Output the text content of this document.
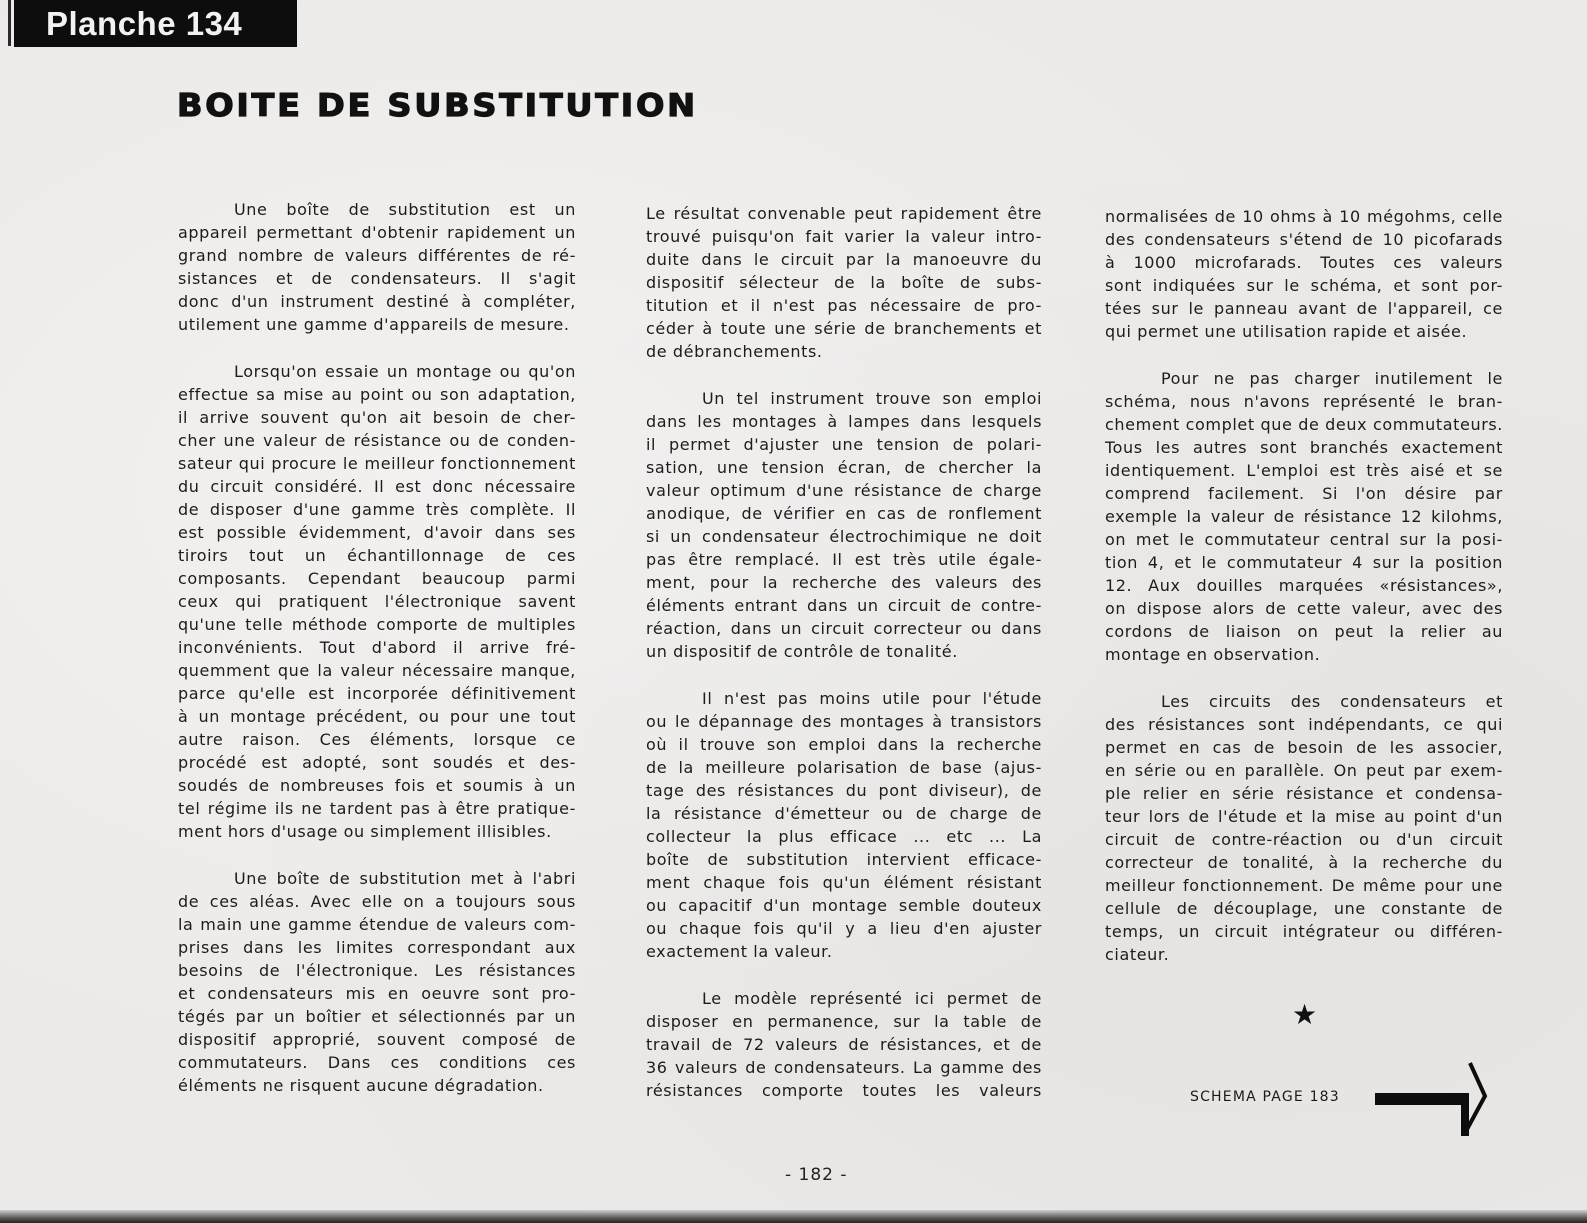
Planche 134
BOITE DE SUBSTITUTION
Une boîte de substitution est un
appareil permettant d'obtenir rapidement un
grand nombre de valeurs différentes de ré-
sistances et de condensateurs. Il s'agit
donc d'un instrument destiné à compléter,
utilement une gamme d'appareils de mesure.
Lorsqu'on essaie un montage ou qu'on
effectue sa mise au point ou son adaptation,
il arrive souvent qu'on ait besoin de cher-
cher une valeur de résistance ou de conden-
sateur qui procure le meilleur fonctionnement
du circuit considéré. Il est donc nécessaire
de disposer d'une gamme très complète. Il
est possible évidemment, d'avoir dans ses
tiroirs tout un échantillonnage de ces
composants. Cependant beaucoup parmi
ceux qui pratiquent l'électronique savent
qu'une telle méthode comporte de multiples
inconvénients. Tout d'abord il arrive fré-
quemment que la valeur nécessaire manque,
parce qu'elle est incorporée définitivement
à un montage précédent, ou pour une tout
autre raison. Ces éléments, lorsque ce
procédé est adopté, sont soudés et des-
soudés de nombreuses fois et soumis à un
tel régime ils ne tardent pas à être pratique-
ment hors d'usage ou simplement illisibles.
Une boîte de substitution met à l'abri
de ces aléas. Avec elle on a toujours sous
la main une gamme étendue de valeurs com-
prises dans les limites correspondant aux
besoins de l'électronique. Les résistances
et condensateurs mis en oeuvre sont pro-
tégés par un boîtier et sélectionnés par un
dispositif approprié, souvent composé de
commutateurs. Dans ces conditions ces
éléments ne risquent aucune dégradation.
Le résultat convenable peut rapidement être
trouvé puisqu'on fait varier la valeur intro-
duite dans le circuit par la manoeuvre du
dispositif sélecteur de la boîte de subs-
titution et il n'est pas nécessaire de pro-
céder à toute une série de branchements et
de débranchements.
Un tel instrument trouve son emploi
dans les montages à lampes dans lesquels
il permet d'ajuster une tension de polari-
sation, une tension écran, de chercher la
valeur optimum d'une résistance de charge
anodique, de vérifier en cas de ronflement
si un condensateur électrochimique ne doit
pas être remplacé. Il est très utile égale-
ment, pour la recherche des valeurs des
éléments entrant dans un circuit de contre-
réaction, dans un circuit correcteur ou dans
un dispositif de contrôle de tonalité.
Il n'est pas moins utile pour l'étude
ou le dépannage des montages à transistors
où il trouve son emploi dans la recherche
de la meilleure polarisation de base (ajus-
tage des résistances du pont diviseur), de
la résistance d'émetteur ou de charge de
collecteur la plus efficace ... etc ... La
boîte de substitution intervient efficace-
ment chaque fois qu'un élément résistant
ou capacitif d'un montage semble douteux
ou chaque fois qu'il y a lieu d'en ajuster
exactement la valeur.
Le modèle représenté ici permet de
disposer en permanence, sur la table de
travail de 72 valeurs de résistances, et de
36 valeurs de condensateurs. La gamme des
résistances comporte toutes les valeurs
normalisées de 10 ohms à 10 mégohms, celle
des condensateurs s'étend de 10 picofarads
à 1000 microfarads. Toutes ces valeurs
sont indiquées sur le schéma, et sont por-
tées sur le panneau avant de l'appareil, ce
qui permet une utilisation rapide et aisée.
Pour ne pas charger inutilement le
schéma, nous n'avons représenté le bran-
chement complet que de deux commutateurs.
Tous les autres sont branchés exactement
identiquement. L'emploi est très aisé et se
comprend facilement. Si l'on désire par
exemple la valeur de résistance 12 kilohms,
on met le commutateur central sur la posi-
tion 4, et le commutateur 4 sur la position
12. Aux douilles marquées «résistances»,
on dispose alors de cette valeur, avec des
cordons de liaison on peut la relier au
montage en observation.
Les circuits des condensateurs et
des résistances sont indépendants, ce qui
permet en cas de besoin de les associer,
en série ou en parallèle. On peut par exem-
ple relier en série résistance et condensa-
teur lors de l'étude et la mise au point d'un
circuit de contre-réaction ou d'un circuit
correcteur de tonalité, à la recherche du
meilleur fonctionnement. De même pour une
cellule de découplage, une constante de
temps, un circuit intégrateur ou différen-
ciateur.
★
SCHEMA PAGE 183
- 182 -
